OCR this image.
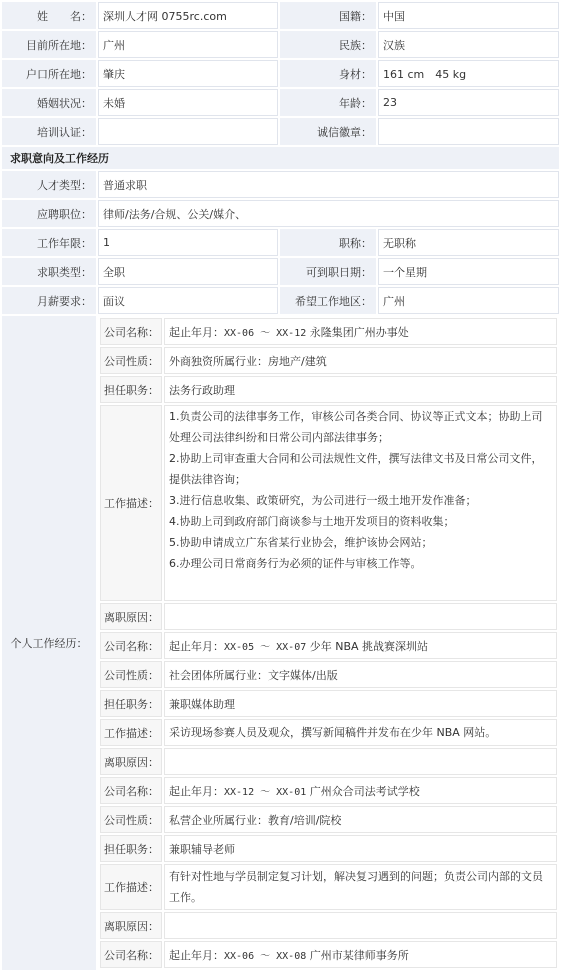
姓　　名：	深圳人才网 0755rc.com	国籍：	中国
目前所在地：	广州	民族：	汉族
户口所在地：	肇庆	身材：	161 cm　45 kg
婚姻状况：	未婚	年龄：	23
培训认证：		诚信徽章：	
求职意向及工作经历
人才类型：	普通求职
应聘职位：	律师/法务/合规、公关/媒介、
工作年限：	1	职称：	无职称
求职类型：	全职	可到职日期：	一个星期
月薪要求：	面议	希望工作地区：	广州
个人工作经历：	
公司名称：	起止年月：XX-06 ～ XX-12 永隆集团广州办事处
公司性质：	外商独资所属行业：房地产/建筑
担任职务：	法务行政助理
工作描述：	

1.负责公司的法律事务工作，审核公司各类合同、协议等正式文本；协助上司处理公司法律纠纷和日常公司内部法律事务；

2.协助上司审查重大合同和公司法规性文件，撰写法律文书及日常公司文件，提供法律咨询；

3.进行信息收集、政策研究，为公司进行一级土地开发作准备；

4.协助上司到政府部门商谈参与土地开发项目的资料收集；

5.协助申请成立广东省某行业协会，维护该协会网站；

6.办理公司日常商务行为必须的证件与审核工作等。

离职原因：	
公司名称：	起止年月：XX-05 ～ XX-07 少年 NBA 挑战赛深圳站
公司性质：	社会团体所属行业：文字媒体/出版
担任职务：	兼职媒体助理
工作描述：	采访现场参赛人员及观众，撰写新闻稿件并发布在少年 NBA 网站。

离职原因：	
公司名称：	起止年月：XX-12 ～ XX-01 广州众合司法考试学校
公司性质：	私营企业所属行业：教育/培训/院校
担任职务：	兼职辅导老师
工作描述：	

有针对性地与学员制定复习计划，解决复习遇到的问题；负责公司内部的文员工作。

离职原因：	
公司名称：	起止年月：XX-06 ～ XX-08 广州市某律师事务所
